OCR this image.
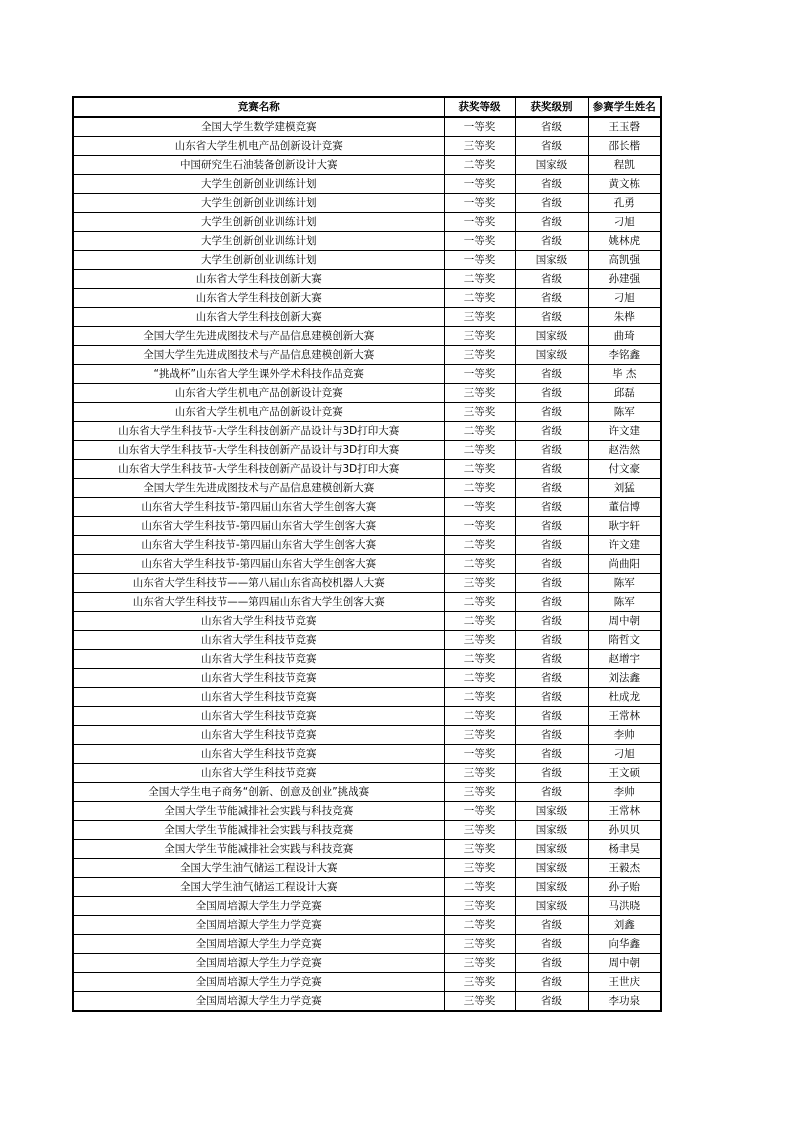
竞赛名称	获奖等级	获奖级别	参赛学生姓名
全国大学生数学建模竞赛	一等奖	省级	王玉磬
山东省大学生机电产品创新设计竞赛	三等奖	省级	邵长楷
中国研究生石油装备创新设计大赛	二等奖	国家级	程凯
大学生创新创业训练计划	一等奖	省级	黄文栋
大学生创新创业训练计划	一等奖	省级	孔勇
大学生创新创业训练计划	一等奖	省级	刁旭
大学生创新创业训练计划	一等奖	省级	姚林虎
大学生创新创业训练计划	一等奖	国家级	高凯强
山东省大学生科技创新大赛	二等奖	省级	孙建强
山东省大学生科技创新大赛	二等奖	省级	刁旭
山东省大学生科技创新大赛	三等奖	省级	朱桦
全国大学生先进成图技术与产品信息建模创新大赛	三等奖	国家级	曲琦
全国大学生先进成图技术与产品信息建模创新大赛	三等奖	国家级	李铭鑫
“挑战杯”山东省大学生课外学术科技作品竞赛	一等奖	省级	毕 杰
山东省大学生机电产品创新设计竞赛	三等奖	省级	邱磊
山东省大学生机电产品创新设计竞赛	三等奖	省级	陈军
山东省大学生科技节-大学生科技创新产品设计与3D打印大赛	二等奖	省级	许文建
山东省大学生科技节-大学生科技创新产品设计与3D打印大赛	二等奖	省级	赵浩然
山东省大学生科技节-大学生科技创新产品设计与3D打印大赛	二等奖	省级	付文豪
全国大学生先进成图技术与产品信息建模创新大赛	二等奖	省级	刘猛
山东省大学生科技节-第四届山东省大学生创客大赛	一等奖	省级	董信博
山东省大学生科技节-第四届山东省大学生创客大赛	一等奖	省级	耿宇轩
山东省大学生科技节-第四届山东省大学生创客大赛	二等奖	省级	许文建
山东省大学生科技节-第四届山东省大学生创客大赛	二等奖	省级	尚曲阳
山东省大学生科技节——第八届山东省高校机器人大赛	三等奖	省级	陈军
山东省大学生科技节——第四届山东省大学生创客大赛	二等奖	省级	陈军
山东省大学生科技节竞赛	二等奖	省级	周中朝
山东省大学生科技节竞赛	三等奖	省级	隋哲文
山东省大学生科技节竞赛	二等奖	省级	赵增宇
山东省大学生科技节竞赛	二等奖	省级	刘法鑫
山东省大学生科技节竞赛	二等奖	省级	杜成龙
山东省大学生科技节竞赛	二等奖	省级	王常林
山东省大学生科技节竞赛	三等奖	省级	李帅
山东省大学生科技节竞赛	一等奖	省级	刁旭
山东省大学生科技节竞赛	三等奖	省级	王文硕
全国大学生电子商务“创新、创意及创业”挑战赛	三等奖	省级	李帅
全国大学生节能减排社会实践与科技竞赛	一等奖	国家级	王常林
全国大学生节能减排社会实践与科技竞赛	三等奖	国家级	孙贝贝
全国大学生节能减排社会实践与科技竞赛	三等奖	国家级	杨聿昊
全国大学生油气储运工程设计大赛	三等奖	国家级	王毅杰
全国大学生油气储运工程设计大赛	二等奖	国家级	孙子贻
全国周培源大学生力学竞赛	三等奖	国家级	马洪晓
全国周培源大学生力学竞赛	二等奖	省级	刘鑫
全国周培源大学生力学竞赛	三等奖	省级	向华鑫
全国周培源大学生力学竞赛	三等奖	省级	周中朝
全国周培源大学生力学竞赛	三等奖	省级	王世庆
全国周培源大学生力学竞赛	三等奖	省级	李功泉
